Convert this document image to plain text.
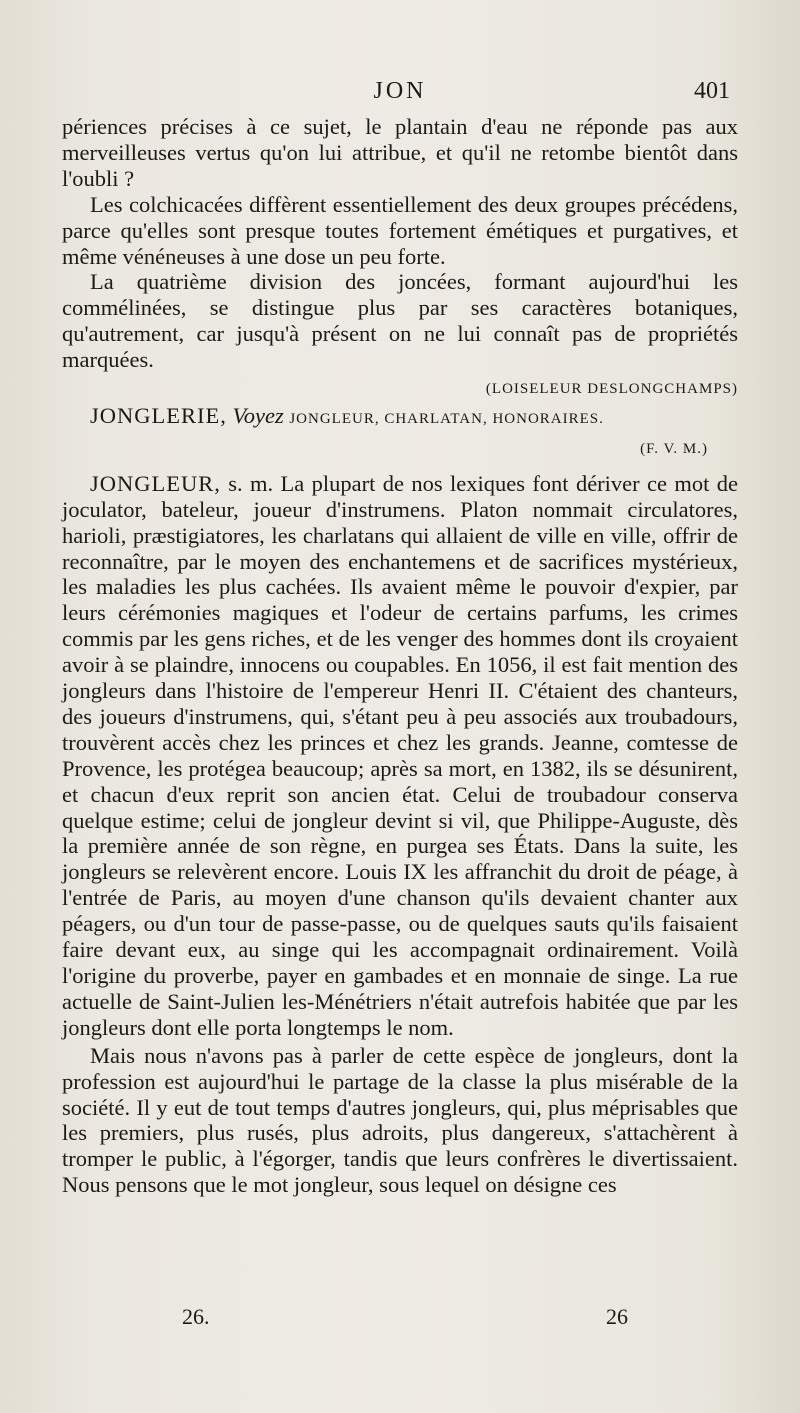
JON	401

périences précises à ce sujet, le plantain d'eau ne réponde pas aux merveilleuses vertus qu'on lui attribue, et qu'il ne retombe bientôt dans l'oubli ?

Les colchicacées diffèrent essentiellement des deux groupes précédens, parce qu'elles sont presque toutes fortement émétiques et purgatives, et même vénéneuses à une dose un peu forte.

La quatrième division des joncées, formant aujourd'hui les commélinées, se distingue plus par ses caractères botaniques, qu'autrement, car jusqu'à présent on ne lui connaît pas de propriétés marquées.

(LOISELEUR DESLONGCHAMPS)

JONGLERIE, Voyez JONGLEUR, CHARLATAN, HONORAIRES.

(F. V. M.)

JONGLEUR, s. m. La plupart de nos lexiques font dériver ce mot de joculator, bateleur, joueur d'instrumens. Platon nommait circulatores, harioli, præstigiatores, les charlatans qui allaient de ville en ville, offrir de reconnaître, par le moyen des enchantemens et de sacrifices mystérieux, les maladies les plus cachées. Ils avaient même le pouvoir d'expier, par leurs cérémonies magiques et l'odeur de certains parfums, les crimes commis par les gens riches, et de les venger des hommes dont ils croyaient avoir à se plaindre, innocens ou coupables. En 1056, il est fait mention des jongleurs dans l'histoire de l'empereur Henri II. C'étaient des chanteurs, des joueurs d'instrumens, qui, s'étant peu à peu associés aux troubadours, trouvèrent accès chez les princes et chez les grands. Jeanne, comtesse de Provence, les protégea beaucoup; après sa mort, en 1382, ils se désunirent, et chacun d'eux reprit son ancien état. Celui de troubadour conserva quelque estime; celui de jongleur devint si vil, que Philippe-Auguste, dès la première année de son règne, en purgea ses États. Dans la suite, les jongleurs se relevèrent encore. Louis IX les affranchit du droit de péage, à l'entrée de Paris, au moyen d'une chanson qu'ils devaient chanter aux péagers, ou d'un tour de passe-passe, ou de quelques sauts qu'ils faisaient faire devant eux, au singe qui les accompagnait ordinairement. Voilà l'origine du proverbe, payer en gambades et en monnaie de singe. La rue actuelle de Saint-Julien les-Ménétriers n'était autrefois habitée que par les jongleurs dont elle porta longtemps le nom.

Mais nous n'avons pas à parler de cette espèce de jongleurs, dont la profession est aujourd'hui le partage de la classe la plus misérable de la société. Il y eut de tout temps d'autres jongleurs, qui, plus méprisables que les premiers, plus rusés, plus adroits, plus dangereux, s'attachèrent à tromper le public, à l'égorger, tandis que leurs confrères le divertissaient. Nous pensons que le mot jongleur, sous lequel on désigne ces

26.	26
